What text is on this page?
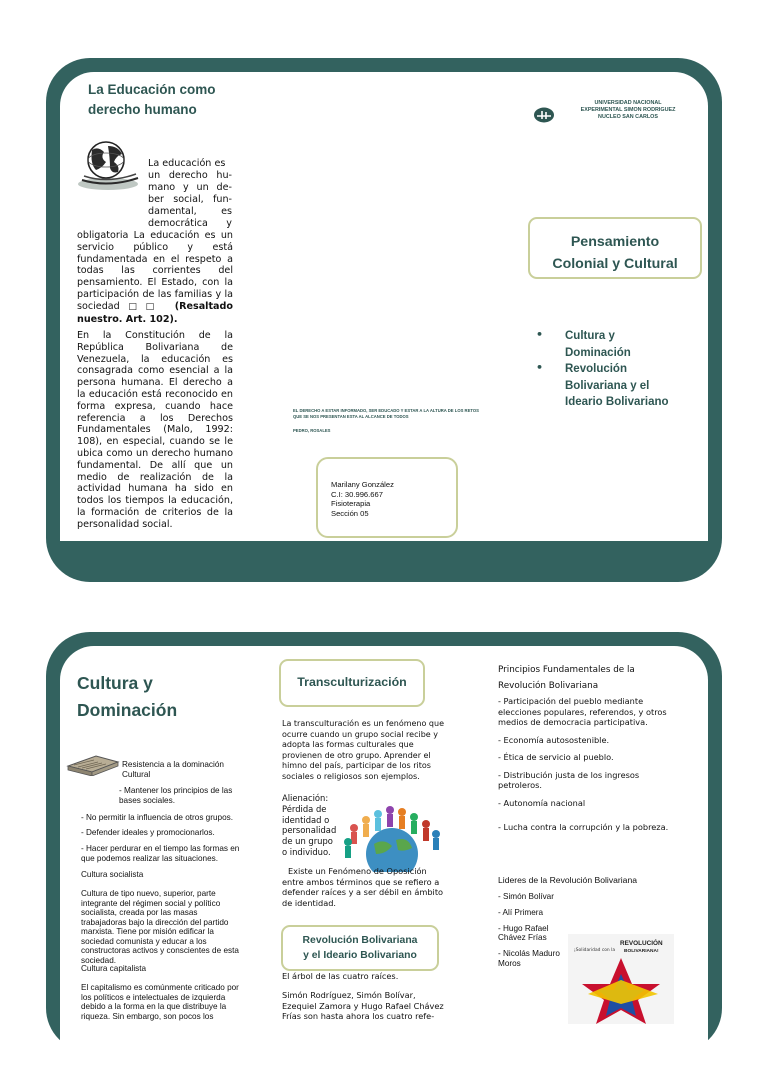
La Educación como derecho humano
La educación es
un derecho hu-
mano y un de-
ber social, fun-
damental, es
democrática y
obligatoria La educación es un servicio público y está fundamentada en el respeto a todas las corrientes del pensamiento. El Estado, con la participación de las familias y la sociedad□□ (Resaltado nuestro. Art. 102).
En la Constitución de la República Bolivariana de Venezuela, la educación es consagrada como esencial a la persona humana. El derecho a la educación está reconocido en forma expresa, cuando hace referencia a los Derechos Fundamentales (Malo, 1992: 108), en especial, cuando se le ubica como un derecho humano fundamental. De allí que un medio de realización de la actividad humana ha sido en todos los tiempos la educación, la formación de criterios de la personalidad social.
UNIVERSIDAD NACIONAL
EXPERIMENTAL SIMON RODRIGUEZ
NUCLEO SAN CARLOS
Pensamiento
Colonial y Cultural
• Cultura y
Dominación
• Revolución
Bolivariana y el
Ideario Bolivariano
EL DERECHO A ESTAR INFORMADO, SER EDUCADO Y ESTAR A LA ALTURA DE LOS RETOS QUE SE NOS PRESENTAN ESTA AL ALCANCE DE TODOS
PEDRO, ROSALES
Marilany González
C.I: 30.996.667
Fisioterapia
Sección 05
Cultura y
Dominación
Resistencia a la dominación
Cultural
- Mantener los principios de las bases sociales.
- No permitir la influencia de otros grupos.
- Defender ideales y promocionarlos.
- Hacer perdurar en el tiempo las formas en que podemos realizar las situaciones.
Cultura socialista
Cultura de tipo nuevo, superior, parte integrante del régimen social y político socialista, creada por las masas trabajadoras bajo la dirección del partido marxista. Tiene por misión edificar la sociedad comunista y educar a los constructoras activos y conscientes de esta sociedad.
Cultura capitalista
El capitalismo es comúnmente criticado por los políticos e intelectuales de izquierda debido a la forma en la que distribuye la riqueza. Sin embargo, son pocos los
Transculturización
La transculturación es un fenómeno que ocurre cuando un grupo social recibe y adopta las formas culturales que provienen de otro grupo. Aprender el himno del país, participar de los ritos sociales o religiosos son ejemplos.
Alienación:
Pérdida de
identidad o
personalidad
de un grupo
o individuo.
Existe un Fenómeno de Oposición entre ambos términos que se refiero a defender raíces y a ser débil en ámbito de identidad.
Revolución Bolivariana
y el Ideario Bolivariano
El árbol de las cuatro raíces.
Simón Rodríguez, Simón Bolívar, Ezequiel Zamora y Hugo Rafael Chávez Frías son hasta ahora los cuatro refe-
Principios Fundamentales de la Revolución Bolivariana
- Participación del pueblo mediante elecciones populares, referendos, y otros medios de democracia participativa.
- Economía autosostenible.
- Ética de servicio al pueblo.
- Distribución justa de los ingresos petroleros.
- Autonomía nacional
- Lucha contra la corrupción y la pobreza.
Lideres de la Revolución Bolivariana
- Simón Bolívar
- Alí Primera
- Hugo Rafael Chávez Frías
- Nicolás Maduro Moros
¡Solidaridad con la
REVOLUCIÓN
BOLIVARIANA!
